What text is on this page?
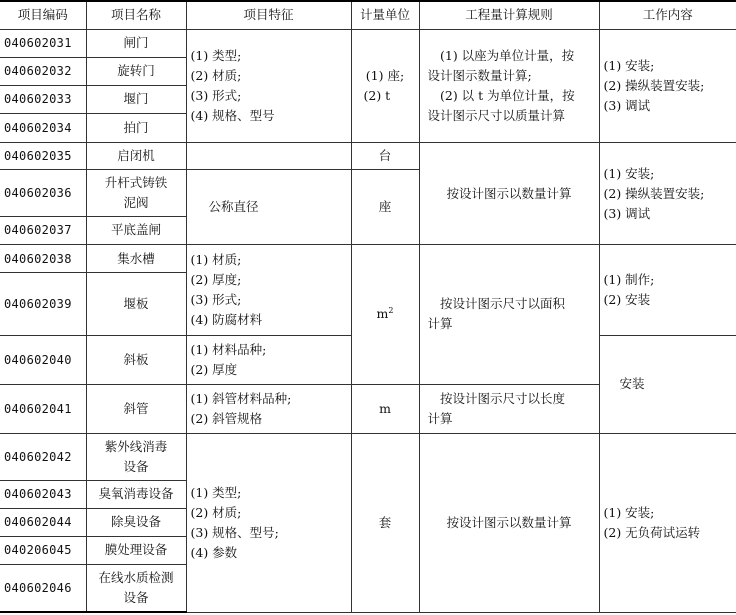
项目编码	项目名称	项目特征	计量单位	工程量计算规则	工作内容
040602031	闸门	(1) 类型;
(2) 材质;
(3) 形式;
(4) 规格、型号	(1) 座;
(2) t	(1) 以座为单位计量，按
设计图示数量计算;
(2) 以 t 为单位计量，按
设计图示尺寸以质量计算	(1) 安装;
(2) 操纵装置安装;
(3) 调试

040602032	旋转门				

040602033	堰门				

040602034	拍门				

040602035	启闭机		台	按设计图示以数量计算	(1) 安装;
(2) 操纵装置安装;
(3) 调试

040602036	升杆式铸铁
泥阀	公称直径	座		
040602037	平底盖闸				

040602038	集水槽	(1) 材质;
(2) 厚度;
(3) 形式;
(4) 防腐材料	$m^2$	按设计图示尺寸以面积
计算	(1) 制作;
(2) 安装

040602039	堰板				

040602040	斜板	(1) 材料品种;
(2) 厚度			安装
040602041	斜管	(1) 斜管材料品种;
(2) 斜管规格	m	按设计图示尺寸以长度
计算	

040602042	紫外线消毒
设备	(1) 类型;
(2) 材质;
(3) 规格、型号;
(4) 参数	套	按设计图示以数量计算	(1) 安装;
(2) 无负荷试运转

040602043	臭氧消毒设备				

040602044	除臭设备				

040206045	膜处理设备				

040602046	在线水质检测
设备				
